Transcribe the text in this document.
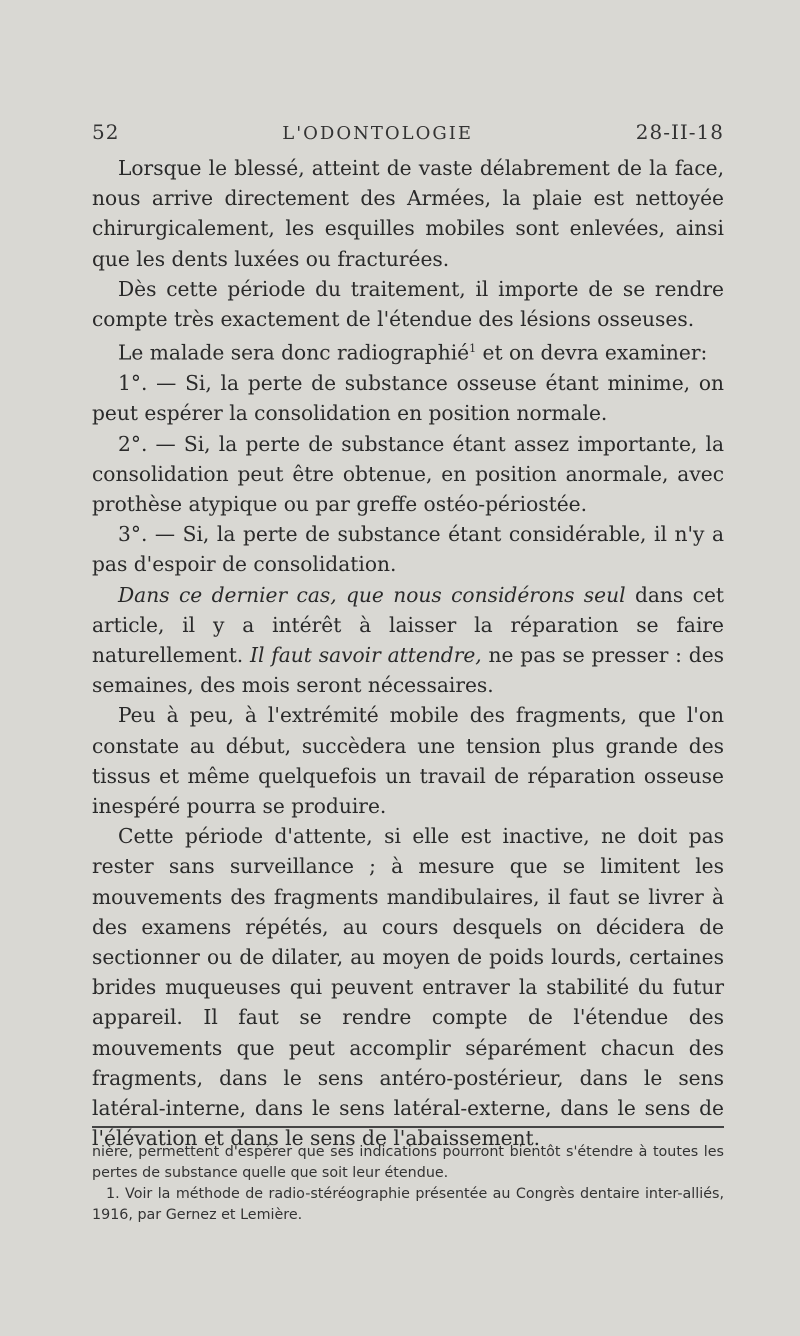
52	L'ODONTOLOGIE	28-II-18

Lorsque le blessé, atteint de vaste délabrement de la face, nous arrive directement des Armées, la plaie est nettoyée chirurgicalement, les esquilles mobiles sont enlevées, ainsi que les dents luxées ou fracturées.

Dès cette période du traitement, il importe de se rendre compte très exactement de l'étendue des lésions osseuses.

Le malade sera donc radiographié$^1$ et on devra examiner:

1°. — Si, la perte de substance osseuse étant minime, on peut espérer la consolidation en position normale.

2°. — Si, la perte de substance étant assez importante, la consolidation peut être obtenue, en position anormale, avec prothèse atypique ou par greffe ostéo-périostée.

3°. — Si, la perte de substance étant considérable, il n'y a pas d'espoir de consolidation.

Dans ce dernier cas, que nous considérons seul dans cet article, il y a intérêt à laisser la réparation se faire naturellement. Il faut savoir attendre, ne pas se presser : des semaines, des mois seront nécessaires.

Peu à peu, à l'extrémité mobile des fragments, que l'on constate au début, succèdera une tension plus grande des tissus et même quelquefois un travail de réparation osseuse inespéré pourra se produire.

Cette période d'attente, si elle est inactive, ne doit pas rester sans surveillance ; à mesure que se limitent les mouvements des fragments mandibulaires, il faut se livrer à des examens répétés, au cours desquels on décidera de sectionner ou de dilater, au moyen de poids lourds, certaines brides muqueuses qui peuvent entraver la stabilité du futur appareil. Il faut se rendre compte de l'étendue des mouvements que peut accomplir séparément chacun des fragments, dans le sens antéro-postérieur, dans le sens latéral-interne, dans le sens latéral-externe, dans le sens de l'élévation et dans le sens de l'abaissement.

nière, permettent d'espérer que ses indications pourront bientôt s'étendre à toutes les pertes de substance quelle que soit leur étendue.

1. Voir la méthode de radio-stéréographie présentée au Congrès dentaire inter-alliés, 1916, par Gernez et Lemière.
